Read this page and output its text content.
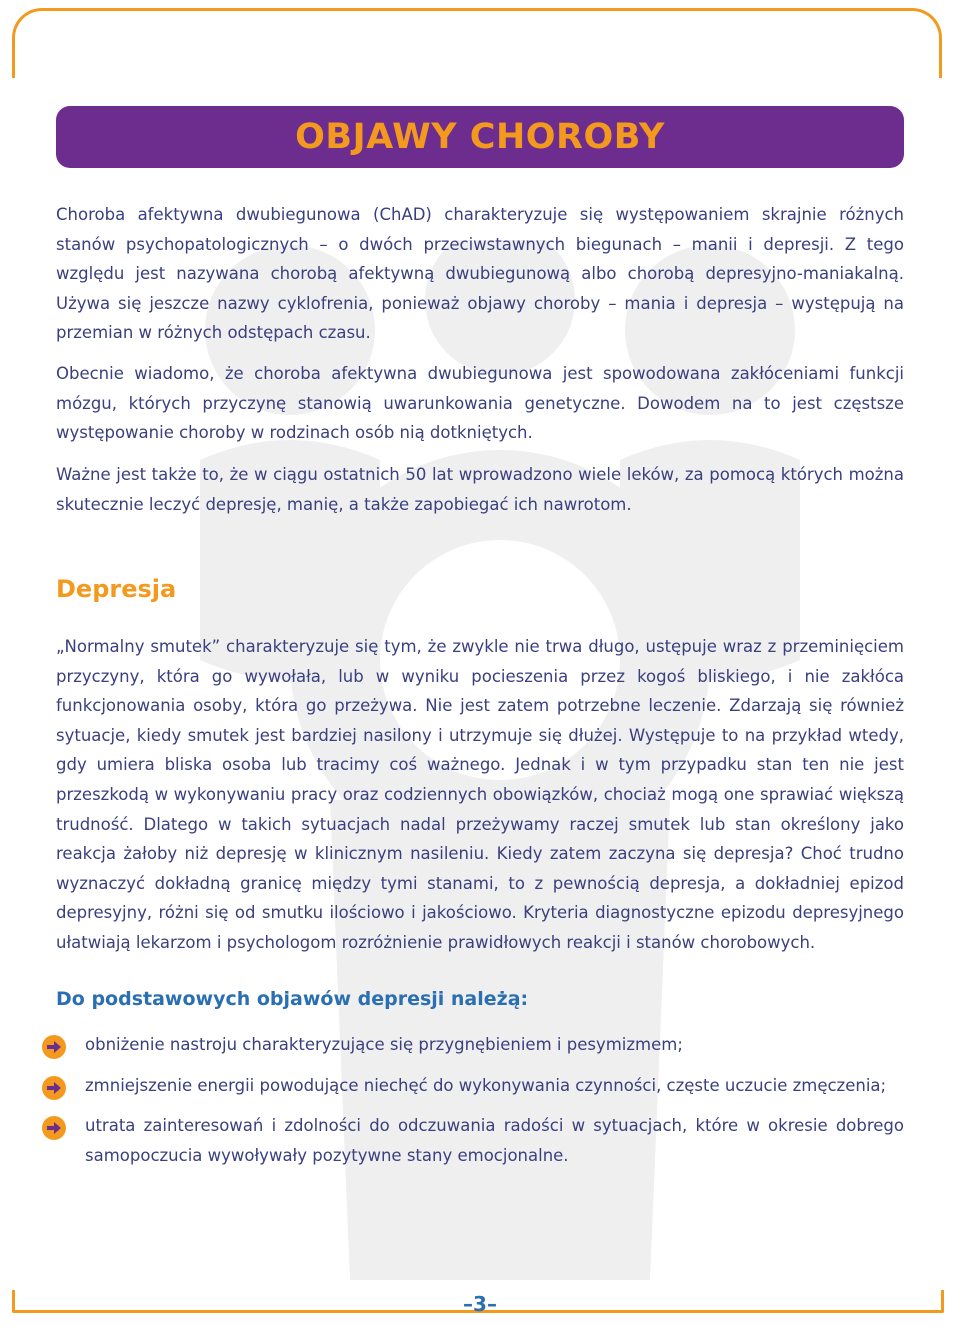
OBJAWY CHOROBY

Choroba afektywna dwubiegunowa (ChAD) charakteryzuje się występowaniem skrajnie różnych stanów psychopatologicznych – o dwóch przeciwstawnych biegunach – manii i depresji. Z tego względu jest nazywana chorobą afektywną dwubiegunową albo chorobą depresyjno-maniakalną. Używa się jeszcze nazwy cyklofrenia, ponieważ objawy choroby – mania i depresja – występują na przemian w różnych odstępach czasu.

Obecnie wiadomo, że choroba afektywna dwubiegunowa jest spowodowana zakłóceniami funkcji mózgu, których przyczynę stanowią uwarunkowania genetyczne. Dowodem na to jest częstsze występowanie choroby w rodzinach osób nią dotkniętych.

Ważne jest także to, że w ciągu ostatnich 50 lat wprowadzono wiele leków, za pomocą których można skutecznie leczyć depresję, manię, a także zapobiegać ich nawrotom.

Depresja

„Normalny smutek” charakteryzuje się tym, że zwykle nie trwa długo, ustępuje wraz z przeminięciem przyczyny, która go wywołała, lub w wyniku pocieszenia przez kogoś bliskiego, i nie zakłóca funkcjonowania osoby, która go przeżywa. Nie jest zatem potrzebne leczenie. Zdarzają się również sytuacje, kiedy smutek jest bardziej nasilony i utrzymuje się dłużej. Występuje to na przykład wtedy, gdy umiera bliska osoba lub tracimy coś ważnego. Jednak i w tym przypadku stan ten nie jest przeszkodą w wykonywaniu pracy oraz codziennych obowiązków, chociaż mogą one sprawiać większą trudność. Dlatego w takich sytuacjach nadal przeżywamy raczej smutek lub stan określony jako reakcja żałoby niż depresję w klinicznym nasileniu. Kiedy zatem zaczyna się depresja? Choć trudno wyznaczyć dokładną granicę między tymi stanami, to z pewnością depresja, a dokładniej epizod depresyjny, różni się od smutku ilościowo i jakościowo. Kryteria diagnostyczne epizodu depresyjnego ułatwiają lekarzom i psychologom rozróżnienie prawidłowych reakcji i stanów chorobowych.

Do podstawowych objawów depresji należą:

obniżenie nastroju charakteryzujące się przygnębieniem i pesymizmem;

zmniejszenie energii powodujące niechęć do wykonywania czynności, częste uczucie zmęczenia;

utrata zainteresowań i zdolności do odczuwania radości w sytuacjach, które w okresie dobrego samopoczucia wywoływały pozytywne stany emocjonalne.

–3–
